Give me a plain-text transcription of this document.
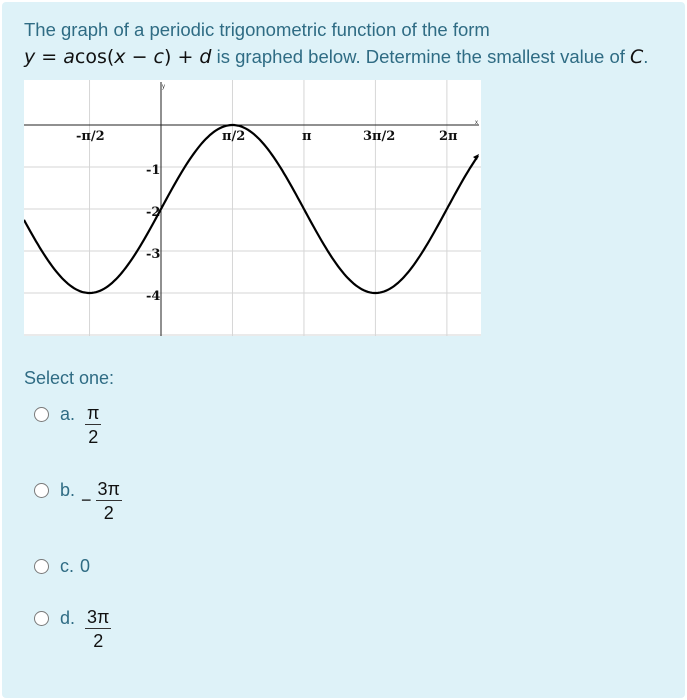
The graph of a periodic trigonometric function of the form
y = acos(x − c) + d is graphed below. Determine the smallest value of C.
y
x
-π/2	π/2	π	3π/2	2π
-1
-2
-3
-4
Select one:
a. $\frac{\pi}{2}$
b. − $\frac{3\pi}{2}$
c. 0
d. $\frac{3\pi}{2}$
